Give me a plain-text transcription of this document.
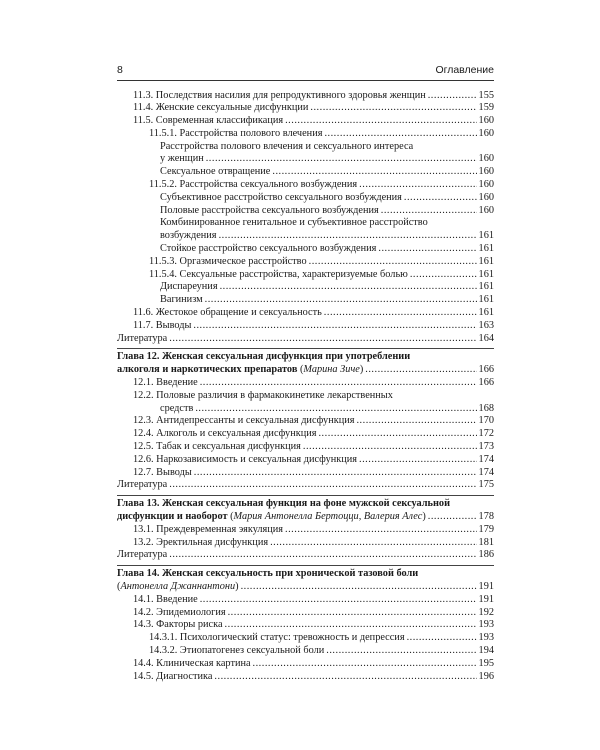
8	Оглавление
11.3. Последствия насилия для репродуктивного здоровья женщин .....	155
11.4. Женские сексуальные дисфункции .....	159
11.5. Современная классификация .....	160
11.5.1. Расстройства полового влечения .....	160
Расстройства полового влечения и сексуального интереса
у женщин .....	160
Сексуальное отвращение .....	160
11.5.2. Расстройства сексуального возбуждения .....	160
Субъективное расстройство сексуального возбуждения .....	160
Половые расстройства сексуального возбуждения .....	160
Комбинированное генитальное и субъективное расстройство
возбуждения .....	161
Стойкое расстройство сексуального возбуждения .....	161
11.5.3. Оргазмическое расстройство .....	161
11.5.4. Сексуальные расстройства, характеризуемые болью .....	161
Диспареуния .....	161
Вагинизм .....	161
11.6. Жестокое обращение и сексуальность .....	161
11.7. Выводы .....	163
Литература .....	164
Глава 12. Женская сексуальная дисфункция при употреблении
алкоголя и наркотических препаратов (Марина Зиче) .....	166
12.1. Введение .....	166
12.2. Половые различия в фармакокинетике лекарственных
средств .....	168
12.3. Антидепрессанты и сексуальная дисфункция .....	170
12.4. Алкоголь и сексуальная дисфункция .....	172
12.5. Табак и сексуальная дисфункция .....	173
12.6. Наркозависимость и сексуальная дисфункция .....	174
12.7. Выводы .....	174
Литература .....	175
Глава 13. Женская сексуальная функция на фоне мужской сексуальной
дисфункции и наоборот (Мария Антонелла Бертоцци, Валерия Алес) .....	178
13.1. Преждевременная эякуляция .....	179
13.2. Эректильная дисфункция .....	181
Литература .....	186
Глава 14. Женская сексуальность при хронической тазовой боли
(Антонелла Джаннантони) .....	191
14.1. Введение .....	191
14.2. Эпидемиология .....	192
14.3. Факторы риска .....	193
14.3.1. Психологический статус: тревожность и депрессия .....	193
14.3.2. Этиопатогенез сексуальной боли .....	194
14.4. Клиническая картина .....	195
14.5. Диагностика .....	196
